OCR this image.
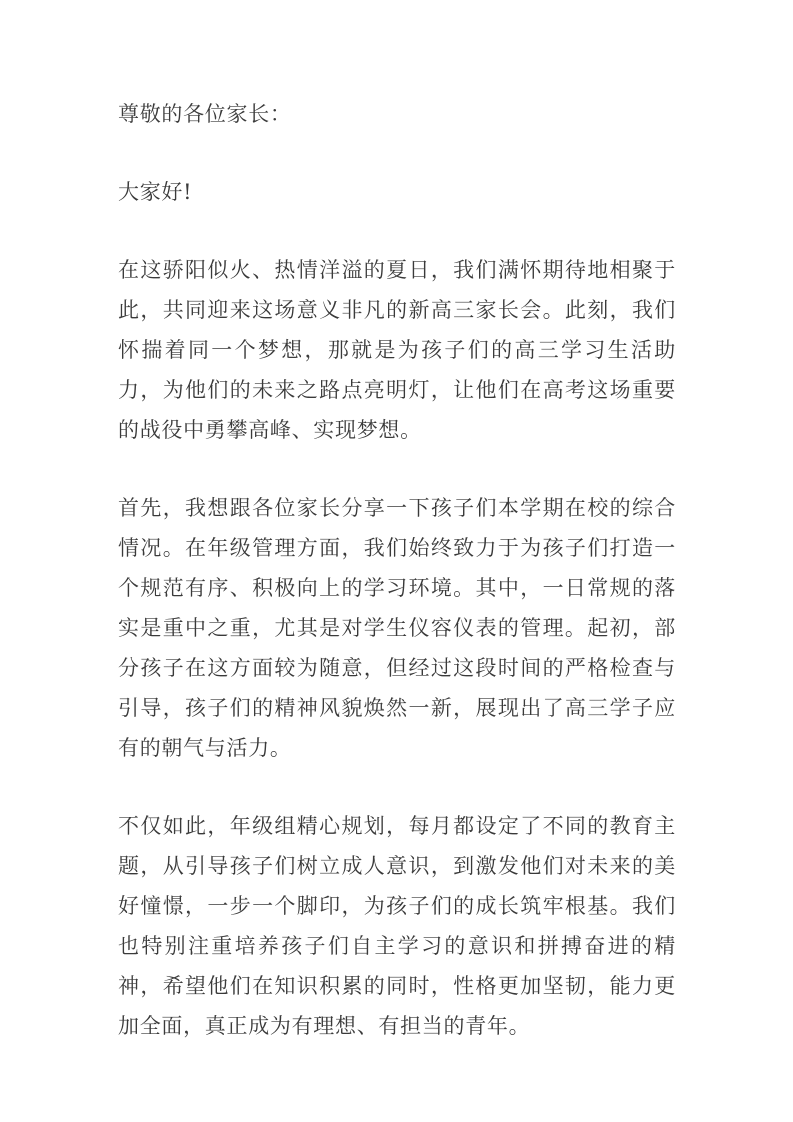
尊敬的各位家长：

大家好!

在这骄阳似火、热情洋溢的夏日，我们满怀期待地相聚于此，共同迎来这场意义非凡的新高三家长会。此刻，我们怀揣着同一个梦想，那就是为孩子们的高三学习生活助力，为他们的未来之路点亮明灯，让他们在高考这场重要的战役中勇攀高峰、实现梦想。

首先，我想跟各位家长分享一下孩子们本学期在校的综合情况。在年级管理方面，我们始终致力于为孩子们打造一个规范有序、积极向上的学习环境。其中，一日常规的落实是重中之重，尤其是对学生仪容仪表的管理。起初，部分孩子在这方面较为随意，但经过这段时间的严格检查与引导，孩子们的精神风貌焕然一新，展现出了高三学子应有的朝气与活力。

不仅如此，年级组精心规划，每月都设定了不同的教育主题，从引导孩子们树立成人意识，到激发他们对未来的美好憧憬，一步一个脚印，为孩子们的成长筑牢根基。我们也特别注重培养孩子们自主学习的意识和拼搏奋进的精神，希望他们在知识积累的同时，性格更加坚韧，能力更加全面，真正成为有理想、有担当的青年。
